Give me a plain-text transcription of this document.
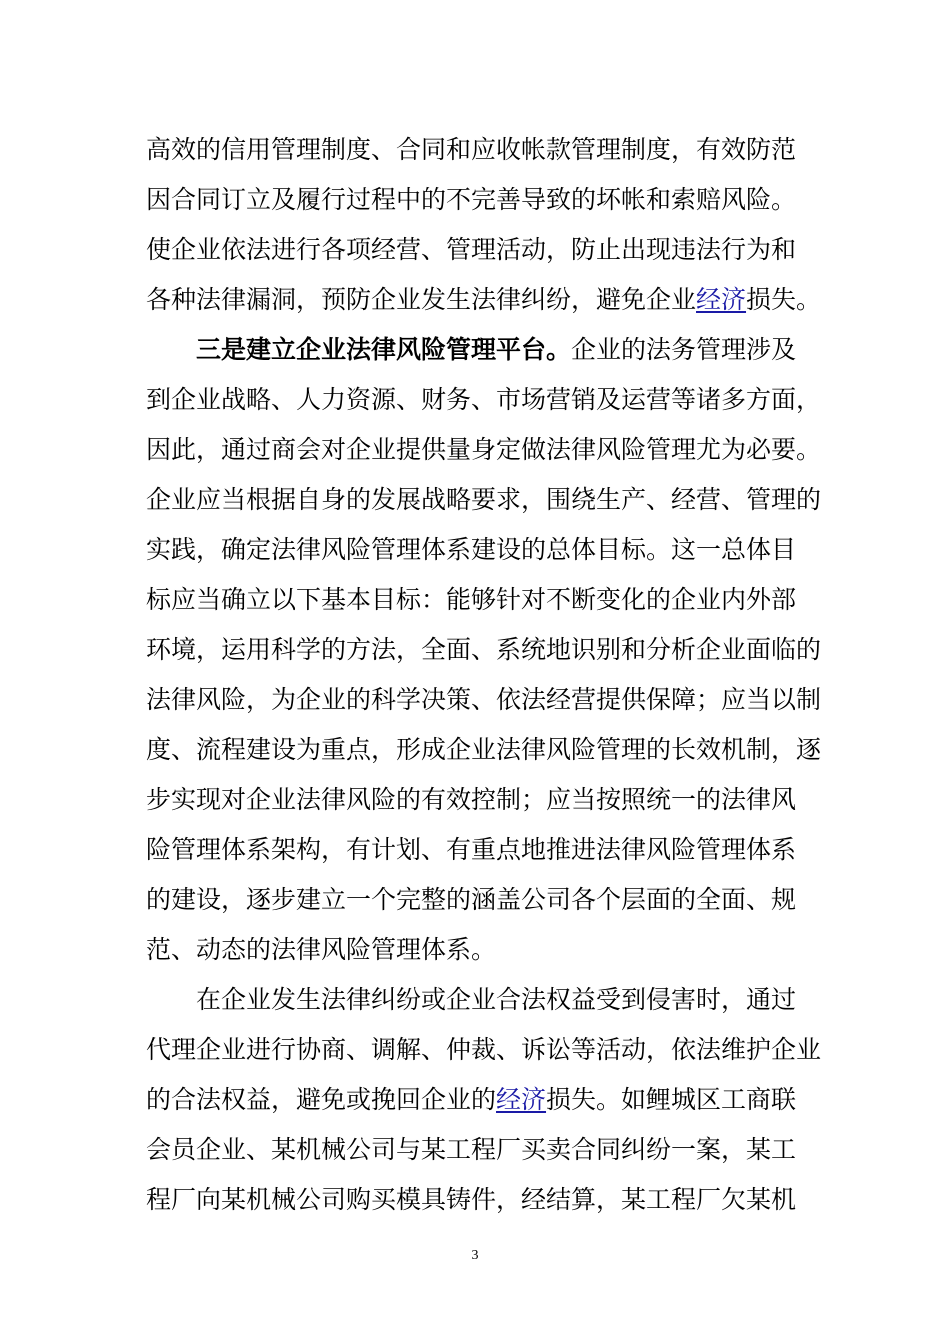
高效的信用管理制度、合同和应收帐款管理制度，有效防范
因合同订立及履行过程中的不完善导致的坏帐和索赔风险。
使企业依法进行各项经营、管理活动，防止出现违法行为和
各种法律漏洞，预防企业发生法律纠纷，避免企业经济损失。
三是建立企业法律风险管理平台。企业的法务管理涉及
到企业战略、人力资源、财务、市场营销及运营等诸多方面，
因此，通过商会对企业提供量身定做法律风险管理尤为必要。
企业应当根据自身的发展战略要求，围绕生产、经营、管理的
实践，确定法律风险管理体系建设的总体目标。这一总体目
标应当确立以下基本目标：能够针对不断变化的企业内外部
环境，运用科学的方法，全面、系统地识别和分析企业面临的
法律风险，为企业的科学决策、依法经营提供保障；应当以制
度、流程建设为重点，形成企业法律风险管理的长效机制，逐
步实现对企业法律风险的有效控制；应当按照统一的法律风
险管理体系架构，有计划、有重点地推进法律风险管理体系
的建设，逐步建立一个完整的涵盖公司各个层面的全面、规
范、动态的法律风险管理体系。
在企业发生法律纠纷或企业合法权益受到侵害时，通过
代理企业进行协商、调解、仲裁、诉讼等活动，依法维护企业
的合法权益，避免或挽回企业的经济损失。如鲤城区工商联
会员企业、某机械公司与某工程厂买卖合同纠纷一案，某工
程厂向某机械公司购买模具铸件，经结算，某工程厂欠某机
3
